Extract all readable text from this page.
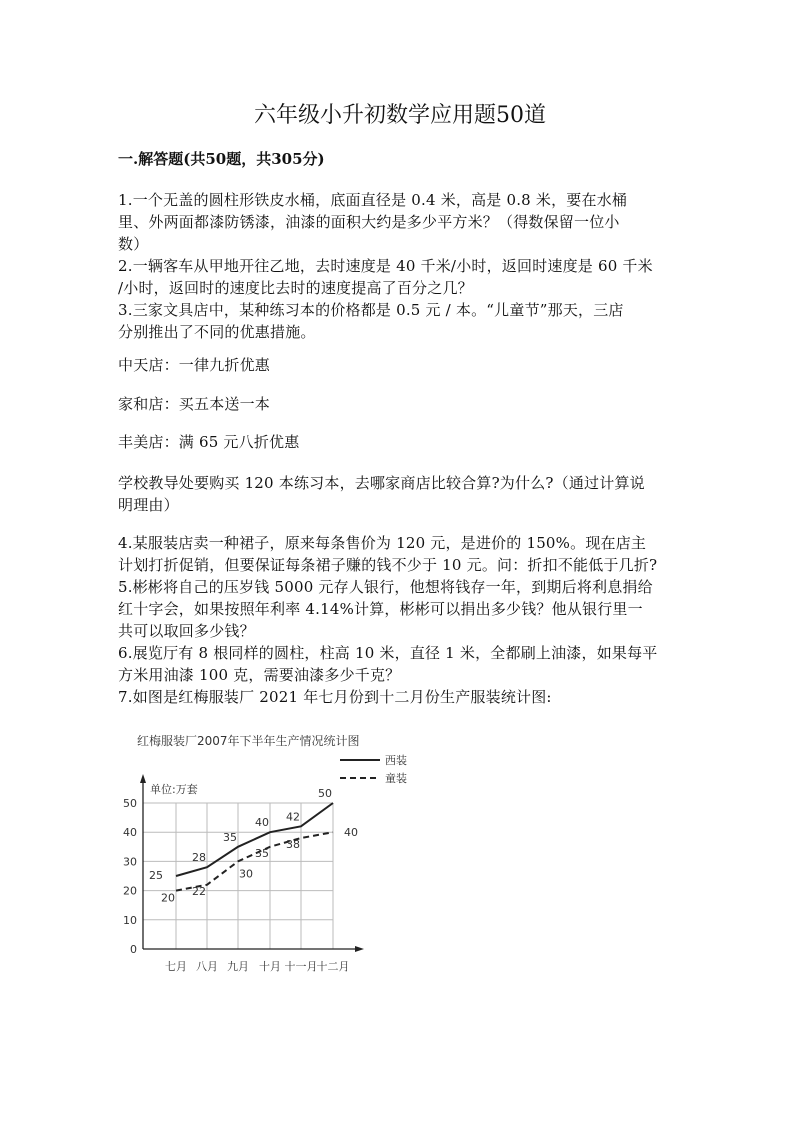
六年级小升初数学应用题50道
一.解答题(共50题，共305分)
1.一个无盖的圆柱形铁皮水桶，底面直径是 0.4 米，高是 0.8 米，要在水桶
里、外两面都漆防锈漆，油漆的面积大约是多少平方米？（得数保留一位小
数）
2.一辆客车从甲地开往乙地，去时速度是 40 千米/小时，返回时速度是 60 千米
/小时，返回时的速度比去时的速度提高了百分之几？
3.三家文具店中，某种练习本的价格都是 0.5 元 / 本。“儿童节”那天，三店
分别推出了不同的优惠措施。
中天店：一律九折优惠
家和店：买五本送一本
丰美店：满 65 元八折优惠
学校教导处要购买 120 本练习本，去哪家商店比较合算?为什么?（通过计算说
明理由）
4.某服装店卖一种裙子，原来每条售价为 120 元，是进价的 150%。现在店主
计划打折促销，但要保证每条裙子赚的钱不少于 10 元。问：折扣不能低于几折?
5.彬彬将自己的压岁钱 5000 元存人银行，他想将钱存一年，到期后将利息捐给
红十字会，如果按照年利率 4.14%计算，彬彬可以捐出多少钱？他从银行里一
共可以取回多少钱？
6.展览厅有 8 根同样的圆柱，柱高 10 米，直径 1 米，全都刷上油漆，如果每平
方米用油漆 100 克，需要油漆多少千克？
7.如图是红梅服装厂 2021 年七月份到十二月份生产服装统计图:
红梅服装厂2007年下半年生产情况统计图
单位:万套
0
10
20
30
40
50
七月 八月 九月 十月 十一月 十二月
25
28
35
40 42
50
西装
20
22
30
35
38
40
童装
